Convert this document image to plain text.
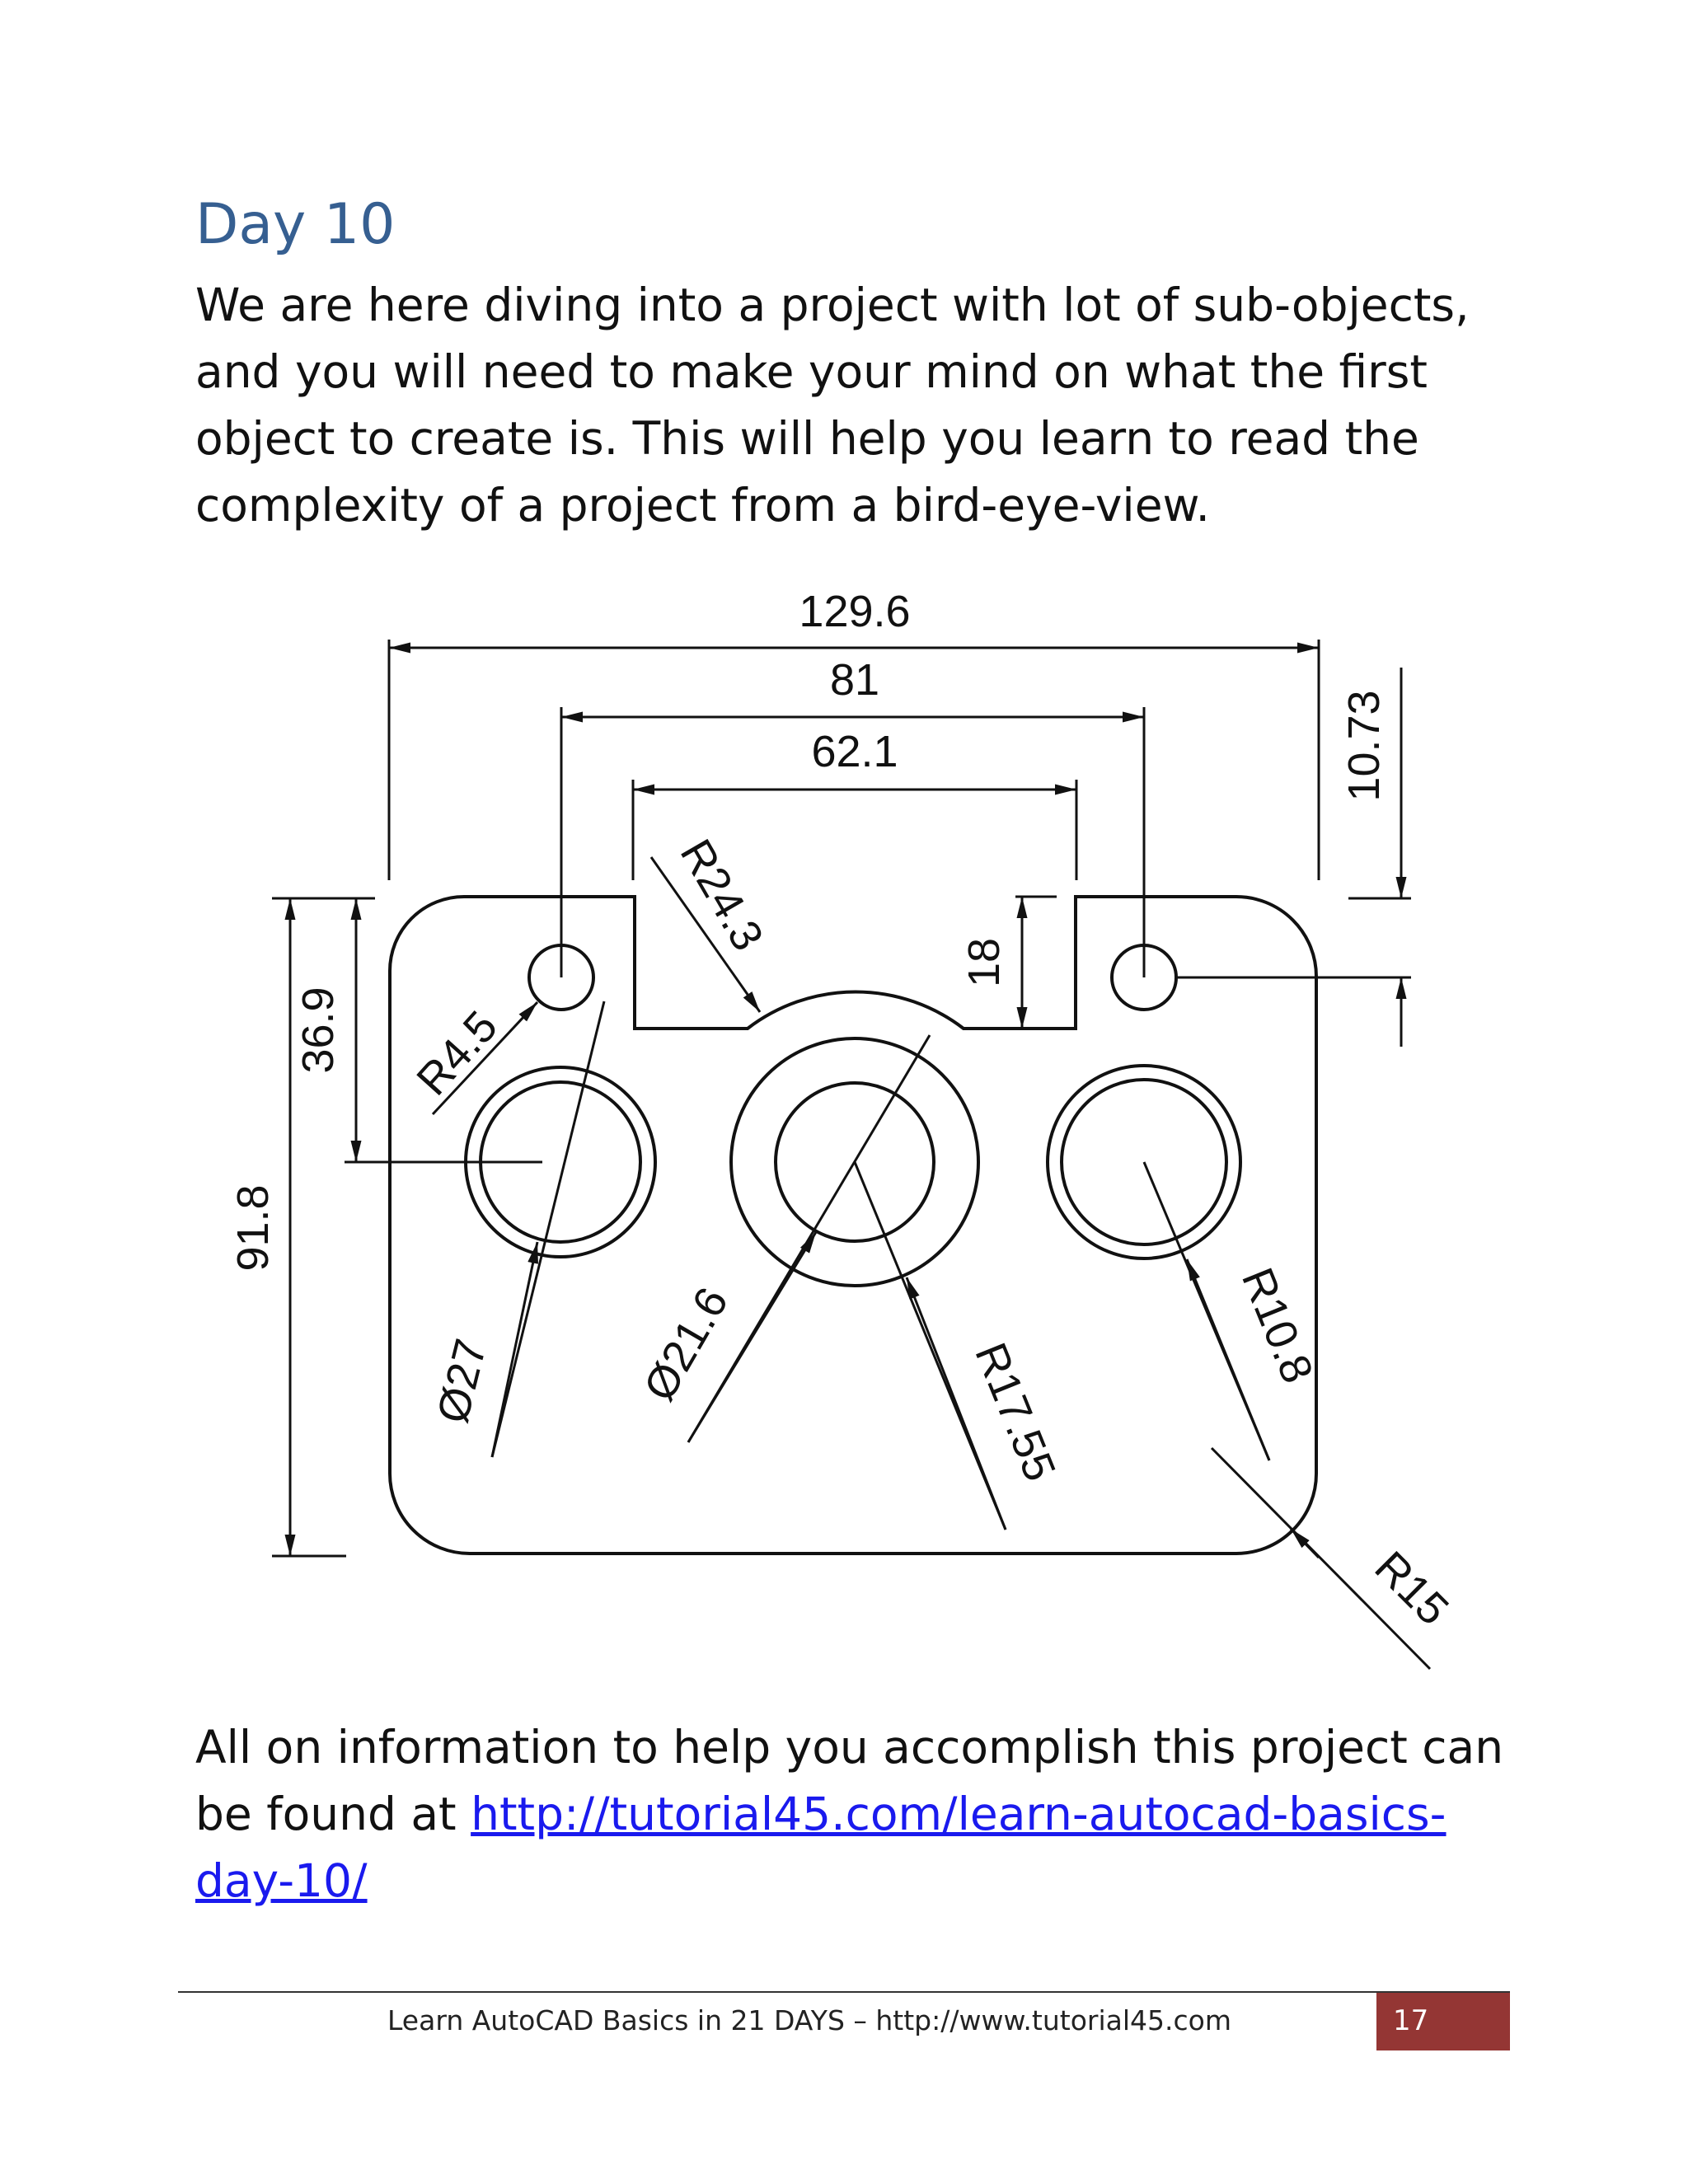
Day 10

We are here diving into a project with lot of sub-objects, and you will need to make your mind on what the first object to create is. This will help you learn to read the complexity of a project from a bird-eye-view.

129.6
81
62.1	10.73
91.8
36.9
18
R24.3
R4.5
Ø27	Ø21.6	R17.55
R10.8
R15

All on information to help you accomplish this project can be found at http://tutorial45.com/learn-autocad-basics-day-10/

Learn AutoCAD Basics in 21 DAYS – http://www.tutorial45.com	17
